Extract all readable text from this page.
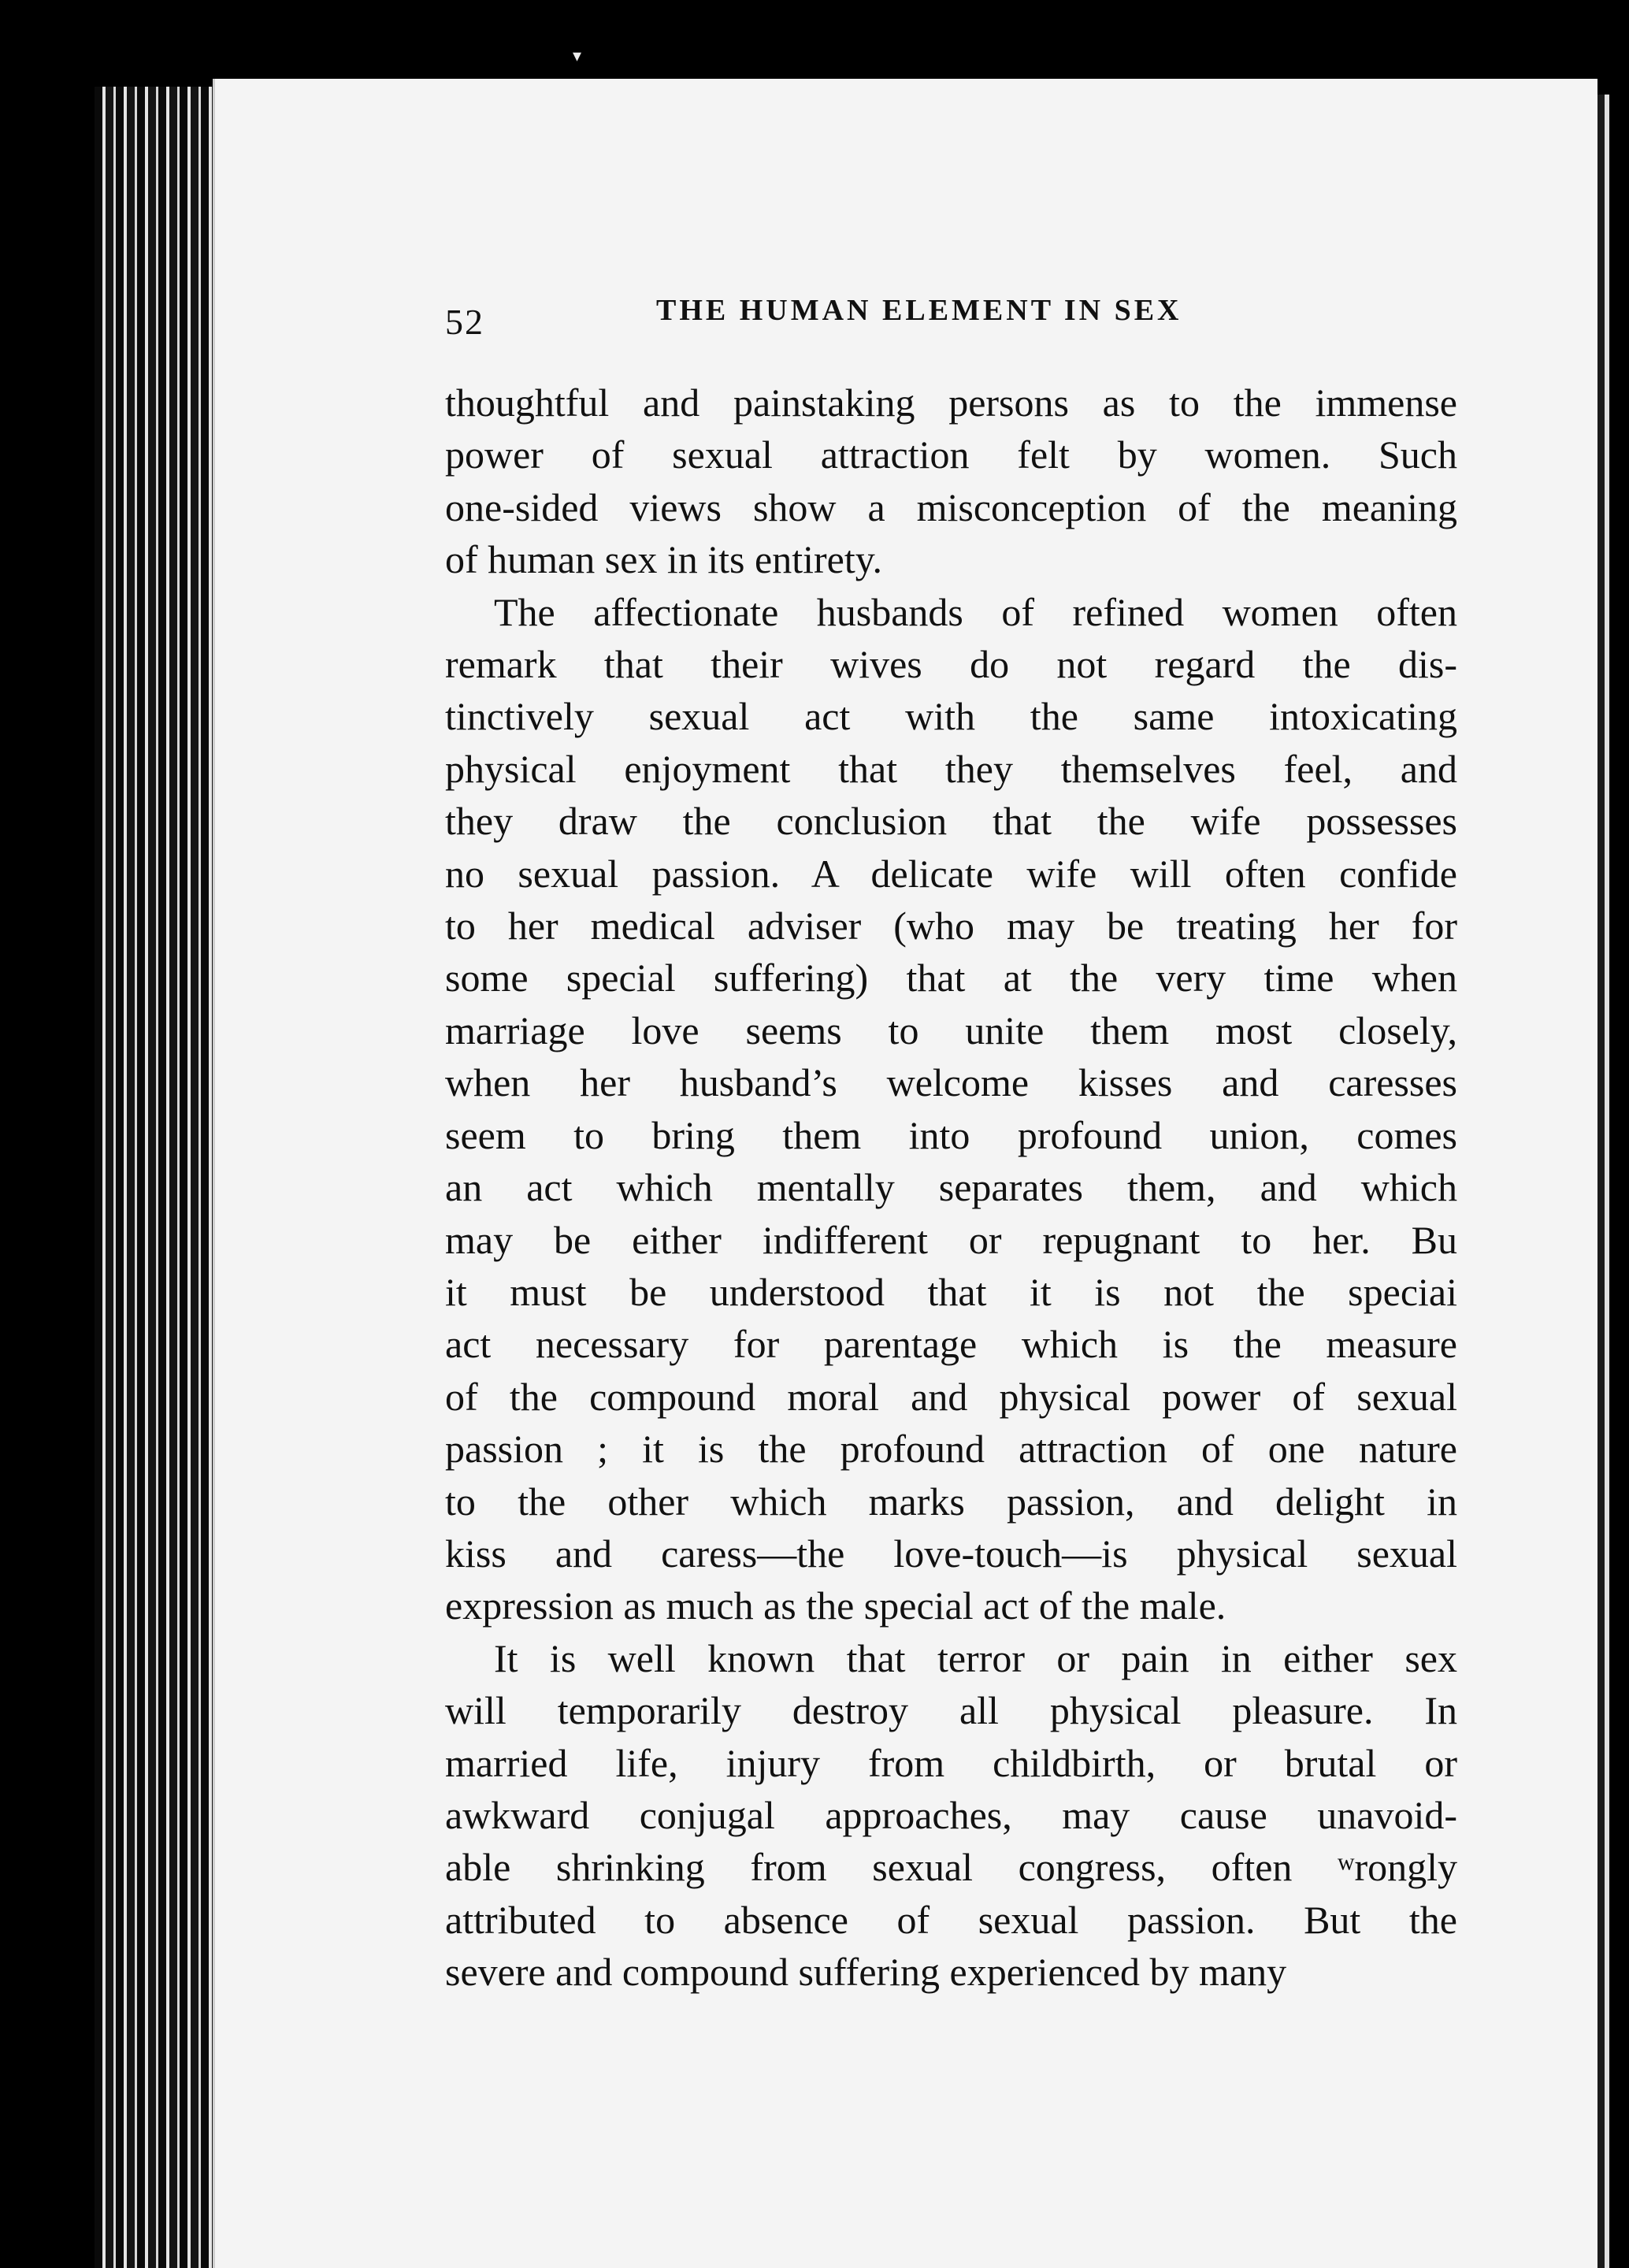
▾
52	THE HUMAN ELEMENT IN SEX

thoughtful and painstaking persons as to the immense
power of sexual attraction felt by women. Such
one-sided views show a misconception of the meaning
of human sex in its entirety.

The affectionate husbands of refined women often
remark that their wives do not regard the dis-
tinctively sexual act with the same intoxicating
physical enjoyment that they themselves feel, and
they draw the conclusion that the wife possesses
no sexual passion. A delicate wife will often confide
to her medical adviser (who may be treating her for
some special suffering) that at the very time when
marriage love seems to unite them most closely,
when her husband’s welcome kisses and caresses
seem to bring them into profound union, comes
an act which mentally separates them, and which
may be either indifferent or repugnant to her. Bu
it must be understood that it is not the speciai
act necessary for parentage which is the measure
of the compound moral and physical power of sexual
passion ; it is the profound attraction of one nature
to the other which marks passion, and delight in
kiss and caress—the love-touch—is physical sexual
expression as much as the special act of the male.

It is well known that terror or pain in either sex
will temporarily destroy all physical pleasure. In
married life, injury from childbirth, or brutal or
awkward conjugal approaches, may cause unavoid-
able shrinking from sexual congress, often ʷrongly
attributed to absence of sexual passion. But the
severe and compound suffering experienced by many
